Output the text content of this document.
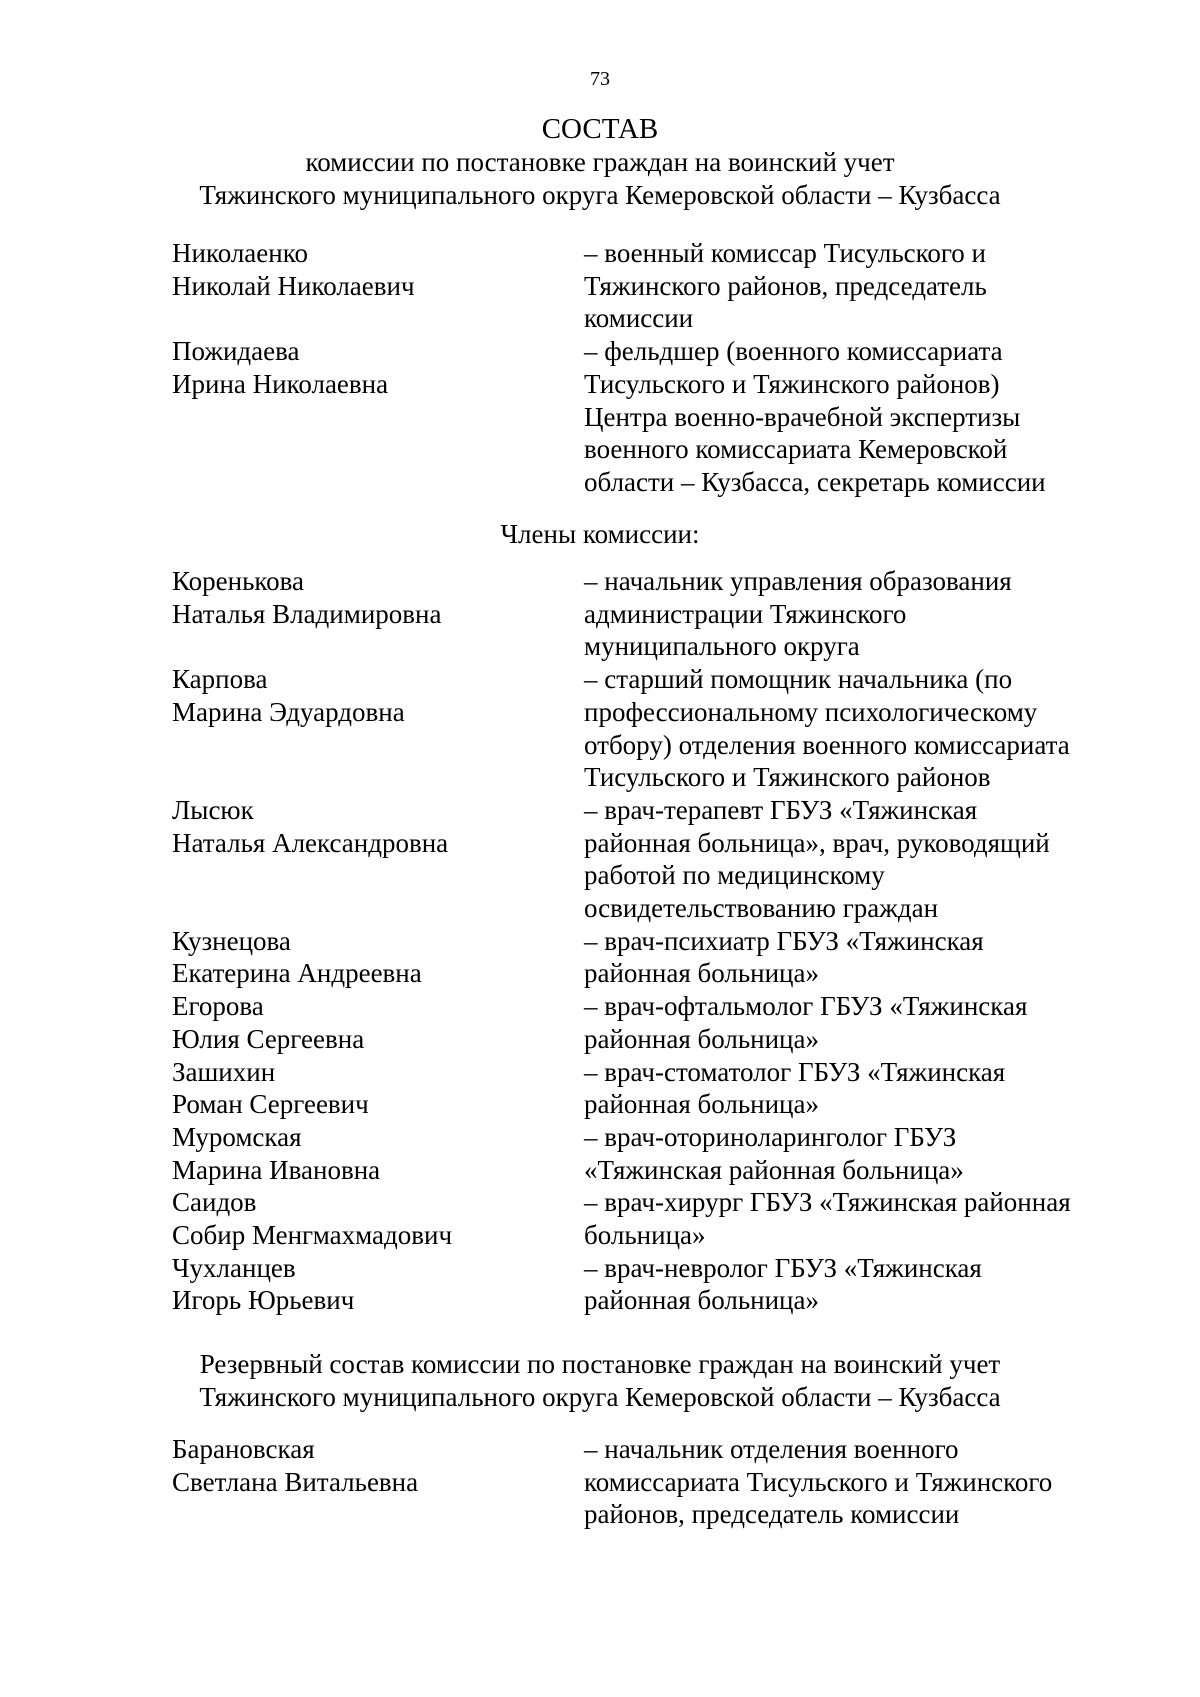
73
СОСТАВ
комиссии по постановке граждан на воинский учет
Тяжинского муниципального округа Кемеровской области – Кузбасса
Николаенко
Николай Николаевич
– военный комиссар Тисульского и
Тяжинского районов, председатель
комиссии
Пожидаева
Ирина Николаевна
– фельдшер (военного комиссариата
Тисульского и Тяжинского районов)
Центра военно-врачебной экспертизы
военного комиссариата Кемеровской
области – Кузбасса, секретарь комиссии
Члены комиссии:
Коренькова
Наталья Владимировна
– начальник управления образования
администрации Тяжинского
муниципального округа
Карпова
Марина Эдуардовна
– старший помощник начальника (по
профессиональному психологическому
отбору) отделения военного комиссариата
Тисульского и Тяжинского районов
Лысюк
Наталья Александровна
– врач-терапевт ГБУЗ «Тяжинская
районная больница», врач, руководящий
работой по медицинскому
освидетельствованию граждан
Кузнецова
Екатерина Андреевна
– врач-психиатр ГБУЗ «Тяжинская
районная больница»
Егорова
Юлия Сергеевна
– врач-офтальмолог ГБУЗ «Тяжинская
районная больница»
Зашихин
Роман Сергеевич
– врач-стоматолог ГБУЗ «Тяжинская
районная больница»
Муромская
Марина Ивановна
– врач-оториноларинголог ГБУЗ
«Тяжинская районная больница»
Саидов
Собир Менгмахмадович
– врач-хирург ГБУЗ «Тяжинская районная
больница»
Чухланцев
Игорь Юрьевич
– врач-невролог ГБУЗ «Тяжинская
районная больница»
Резервный состав комиссии по постановке граждан на воинский учет
Тяжинского муниципального округа Кемеровской области – Кузбасса
Барановская
Светлана Витальевна
– начальник отделения военного
комиссариата Тисульского и Тяжинского
районов, председатель комиссии
